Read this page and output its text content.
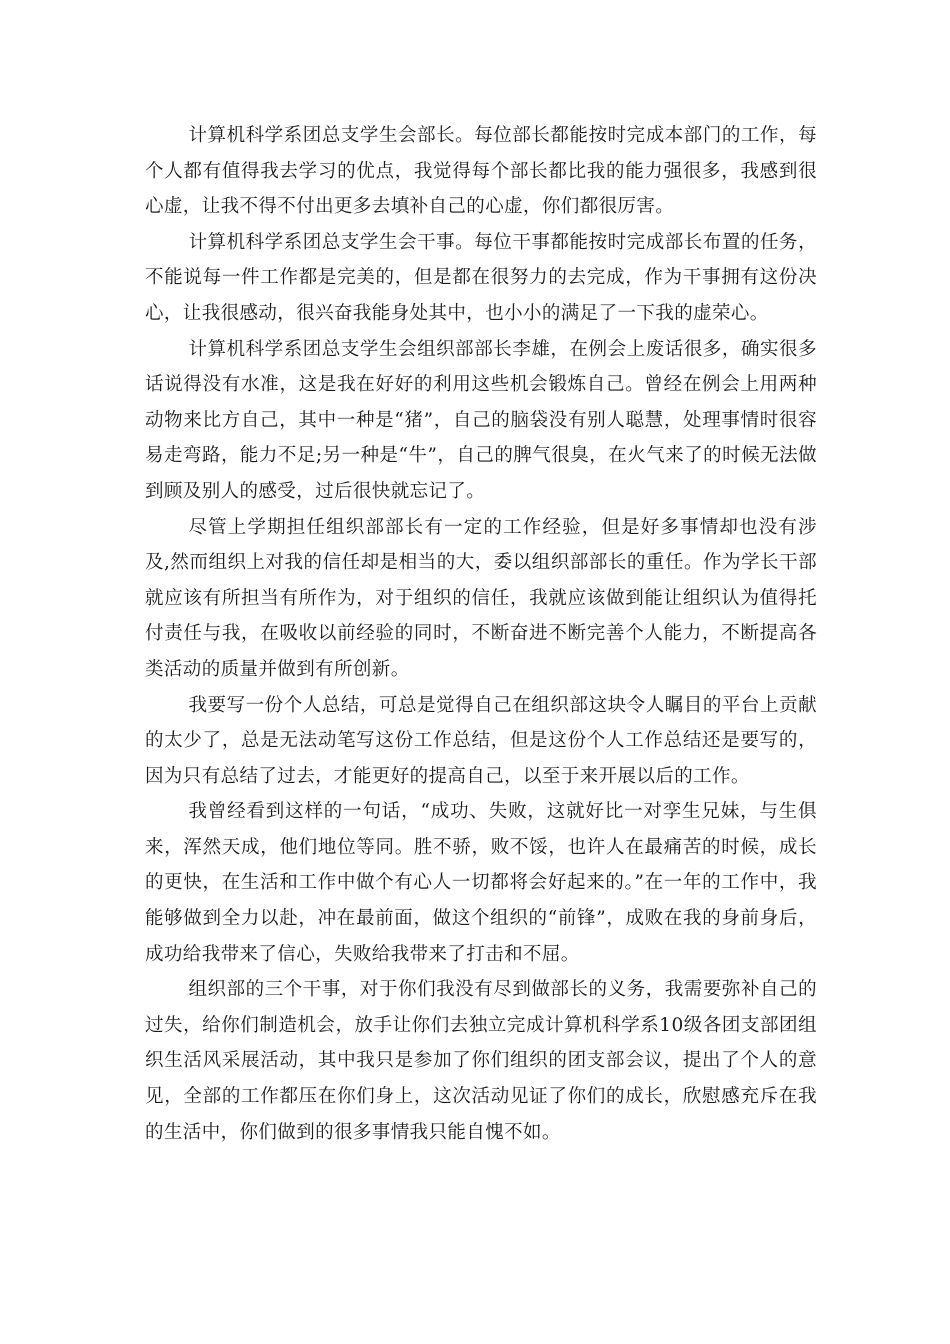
计算机科学系团总支学生会部长。每位部长都能按时完成本部门的工作，每个人都有值得我去学习的优点，我觉得每个部长都比我的能力强很多，我感到很心虚，让我不得不付出更多去填补自己的心虚，你们都很厉害。

计算机科学系团总支学生会干事。每位干事都能按时完成部长布置的任务，不能说每一件工作都是完美的，但是都在很努力的去完成，作为干事拥有这份决心，让我很感动，很兴奋我能身处其中，也小小的满足了一下我的虚荣心。

计算机科学系团总支学生会组织部部长李雄，在例会上废话很多，确实很多话说得没有水准，这是我在好好的利用这些机会锻炼自己。曾经在例会上用两种动物来比方自己，其中一种是“猪”，自己的脑袋没有别人聪慧，处理事情时很容易走弯路，能力不足;另一种是“牛”，自己的脾气很臭，在火气来了的时候无法做到顾及别人的感受，过后很快就忘记了。

尽管上学期担任组织部部长有一定的工作经验，但是好多事情却也没有涉及,然而组织上对我的信任却是相当的大，委以组织部部长的重任。作为学长干部就应该有所担当有所作为，对于组织的信任，我就应该做到能让组织认为值得托付责任与我，在吸收以前经验的同时，不断奋进不断完善个人能力，不断提高各类活动的质量并做到有所创新。

我要写一份个人总结，可总是觉得自己在组织部这块令人瞩目的平台上贡献的太少了，总是无法动笔写这份工作总结，但是这份个人工作总结还是要写的，因为只有总结了过去，才能更好的提高自己，以至于来开展以后的工作。

我曾经看到这样的一句话，“成功、失败，这就好比一对孪生兄妹，与生俱来，浑然天成，他们地位等同。胜不骄，败不馁，也许人在最痛苦的时候，成长的更快，在生活和工作中做个有心人一切都将会好起来的。”在一年的工作中，我能够做到全力以赴，冲在最前面，做这个组织的“前锋”，成败在我的身前身后，成功给我带来了信心，失败给我带来了打击和不屈。

组织部的三个干事，对于你们我没有尽到做部长的义务，我需要弥补自己的过失，给你们制造机会，放手让你们去独立完成计算机科学系10级各团支部团组织生活风采展活动，其中我只是参加了你们组织的团支部会议，提出了个人的意见，全部的工作都压在你们身上，这次活动见证了你们的成长，欣慰感充斥在我的生活中，你们做到的很多事情我只能自愧不如。
